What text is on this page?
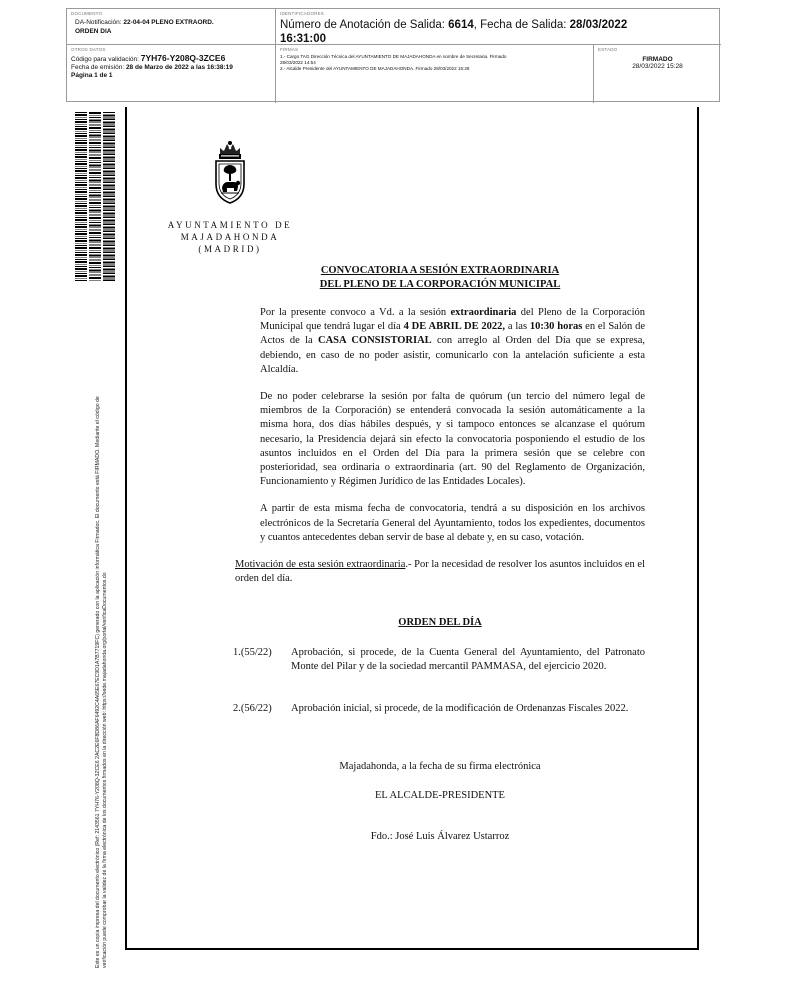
DOCUMENTO
DA-Notificación: 22-04-04 PLENO EXTRAORD.
ORDEN DIA
IDENTIFICADORES
Número de Anotación de Salida: 6614, Fecha de Salida: 28/03/2022
16:31:00
OTROS DATOS
Código para validación: 7YH76-Y208Q-3ZCE6
Fecha de emisión: 28 de Marzo de 2022 a las 16:38:19
Página 1 de 1
FIRMAS
1.- Cargo TAG Dirección Técnica del AYUNTAMIENTO DE MAJADAHONDA en nombre de Secretaria. Firmado
28/03/2022 14:54
2.- Alcalde Presidente del AYUNTAMIENTO DE MAJADAHONDA. Firmado 28/03/2022 15:28
ESTADO
FIRMADO
28/03/2022 15:28
Este es un copia impresa del documento electrónico (Ref: 2143561 7YH76-Y208Q-3ZCE6 2AC2E6F8D86AF6492C4A65E67EC9D1A7B7719FC) generado con la aplicación informática Firmadoc. El documento está FIRMADO. Mediante el código de verificación puede comprobar la validez de la firma electrónica de los documentos firmados en la dirección web: https://sede.majadahonda.org/portal/verificaDocumentos.do
AYUNTAMIENTO DE
MAJADAHONDA
(MADRID)
CONVOCATORIA A SESIÓN EXTRAORDINARIA
DEL PLENO DE LA CORPORACIÓN MUNICIPAL

Por la presente convoco a Vd. a la sesión extraordinaria del Pleno de la Corporación Municipal que tendrá lugar el día 4 DE ABRIL DE 2022, a las 10:30 horas en el Salón de Actos de la CASA CONSISTORIAL con arreglo al Orden del Día que se expresa, debiendo, en caso de no poder asistir, comunicarlo con la antelación suficiente a esta Alcaldía.

De no poder celebrarse la sesión por falta de quórum (un tercio del número legal de miembros de la Corporación) se entenderá convocada la sesión automáticamente a la misma hora, dos días hábiles después, y si tampoco entonces se alcanzase el quórum necesario, la Presidencia dejará sin efecto la convocatoria posponiendo el estudio de los asuntos incluidos en el Orden del Día para la primera sesión que se celebre con posterioridad, sea ordinaria o extraordinaria (art. 90 del Reglamento de Organización, Funcionamiento y Régimen Jurídico de las Entidades Locales).

A partir de esta misma fecha de convocatoria, tendrá a su disposición en los archivos electrónicos de la Secretaría General del Ayuntamiento, todos los expedientes, documentos y cuantos antecedentes deban servir de base al debate y, en su caso, votación.

Motivación de esta sesión extraordinaria.- Por la necesidad de resolver los asuntos incluidos en el orden del día.

ORDEN DEL DÍA
1.(55/22) Aprobación, si procede, de la Cuenta General del Ayuntamiento, del Patronato Monte del Pilar y de la sociedad mercantil PAMMASA, del ejercicio 2020.
2.(56/22) Aprobación inicial, si procede, de la modificación de Ordenanzas Fiscales 2022.
Majadahonda, a la fecha de su firma electrónica
EL ALCALDE-PRESIDENTE
Fdo.: José Luis Álvarez Ustarroz
